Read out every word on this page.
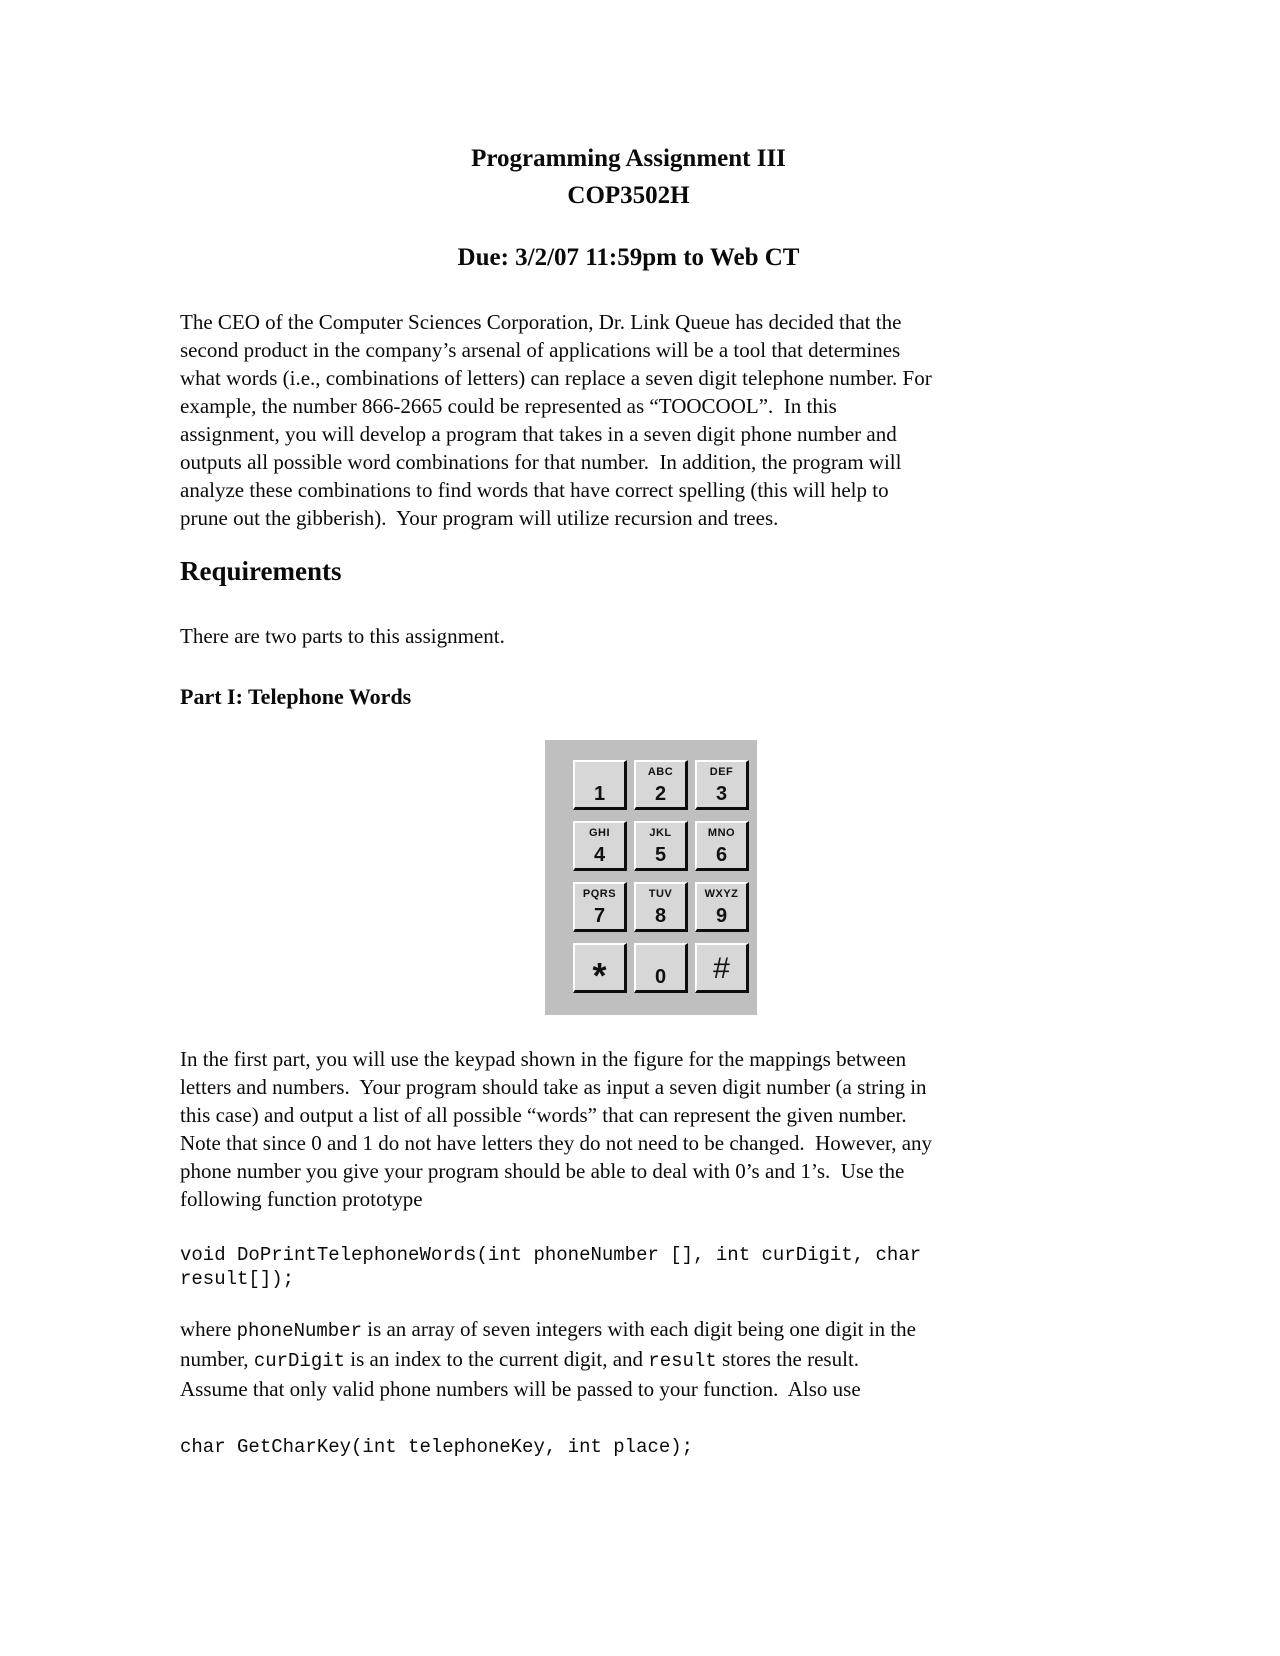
Programming Assignment III
COP3502H
Due: 3/2/07 11:59pm to Web CT
The CEO of the Computer Sciences Corporation, Dr. Link Queue has decided that the
second product in the company’s arsenal of applications will be a tool that determines
what words (i.e., combinations of letters) can replace a seven digit telephone number. For
example, the number 866-2665 could be represented as “TOOCOOL”.  In this
assignment, you will develop a program that takes in a seven digit phone number and
outputs all possible word combinations for that number.  In addition, the program will
analyze these combinations to find words that have correct spelling (this will help to
prune out the gibberish).  Your program will utilize recursion and trees.
Requirements
There are two parts to this assignment.
Part I: Telephone Words
1
ABC
2
DEF
3
GHI
4
JKL
5
MNO
6
PQRS
7
TUV
8
WXYZ
9
* 0 #
In the first part, you will use the keypad shown in the figure for the mappings between
letters and numbers.  Your program should take as input a seven digit number (a string in
this case) and output a list of all possible “words” that can represent the given number.
Note that since 0 and 1 do not have letters they do not need to be changed.  However, any
phone number you give your program should be able to deal with 0’s and 1’s.  Use the
following function prototype
void DoPrintTelephoneWords(int phoneNumber [], int curDigit, char
result[]);
where phoneNumber is an array of seven integers with each digit being one digit in the
number, curDigit is an index to the current digit, and result stores the result.
Assume that only valid phone numbers will be passed to your function.  Also use
char GetCharKey(int telephoneKey, int place);
